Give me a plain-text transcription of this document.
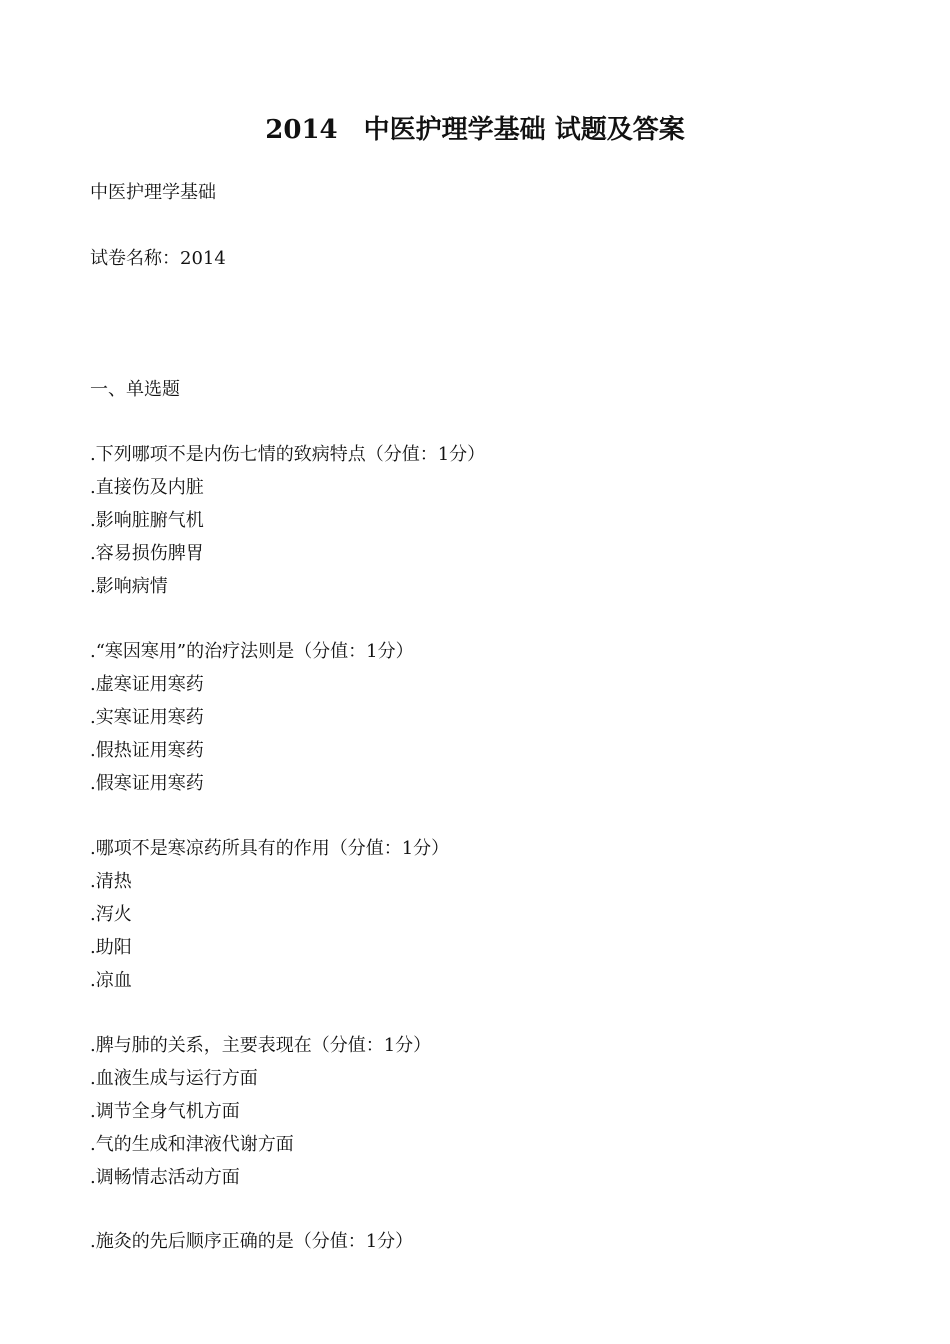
2014　中医护理学基础 试题及答案
中医护理学基础
试卷名称：2014
一、单选题
.下列哪项不是内伤七情的致病特点（分值：1分）
.直接伤及内脏
.影响脏腑气机
.容易损伤脾胃
.影响病情
.“寒因寒用”的治疗法则是（分值：1分）
.虚寒证用寒药
.实寒证用寒药
.假热证用寒药
.假寒证用寒药
.哪项不是寒凉药所具有的作用（分值：1分）
.清热
.泻火
.助阳
.凉血
.脾与肺的关系，主要表现在（分值：1分）
.血液生成与运行方面
.调节全身气机方面
.气的生成和津液代谢方面
.调畅情志活动方面
.施灸的先后顺序正确的是（分值：1分）
